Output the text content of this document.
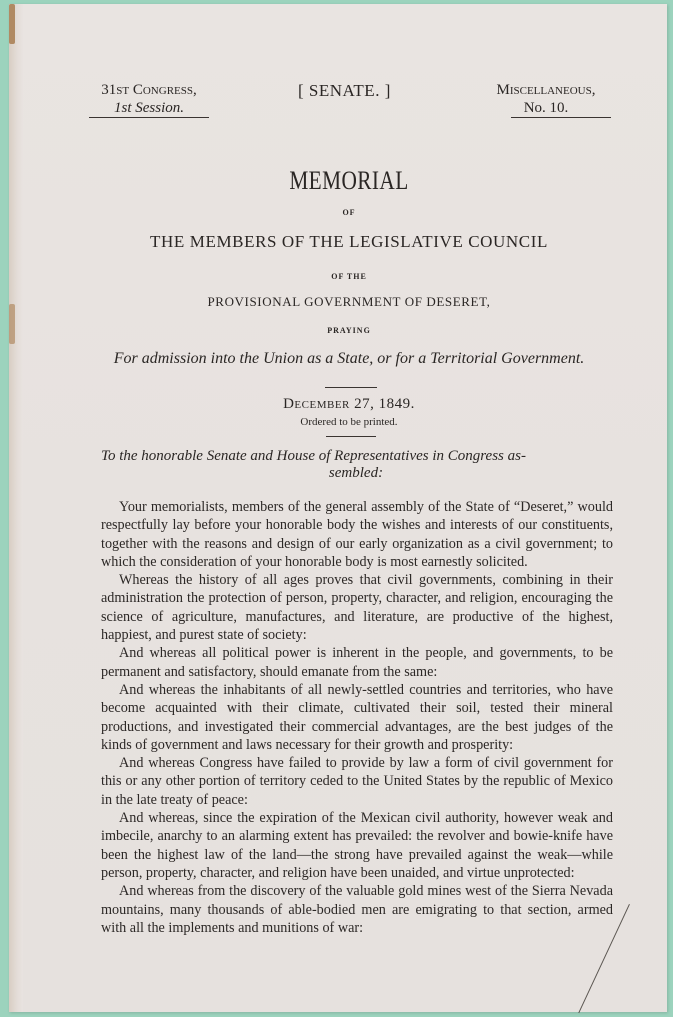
31st Congress,
1st Session.
[ SENATE. ]	Miscellaneous,
No. 10.
MEMORIAL
OF
THE MEMBERS OF THE LEGISLATIVE COUNCIL
OF THE
PROVISIONAL GOVERNMENT OF DESERET,
PRAYING
For admission into the Union as a State, or for a Territorial Government.
December 27, 1849.
Ordered to be printed.
To the honorable Senate and House of Representatives in Congress as-
sembled:

Your memorialists, members of the general assembly of the State of “Deseret,” would respectfully lay before your honorable body the wishes and interests of our constituents, together with the reasons and design of our early organization as a civil government; to which the consideration of your honorable body is most earnestly solicited.

Whereas the history of all ages proves that civil governments, combining in their administration the protection of person, property, character, and religion, encouraging the science of agriculture, manufactures, and literature, are productive of the highest, happiest, and purest state of society:

And whereas all political power is inherent in the people, and governments, to be permanent and satisfactory, should emanate from the same:

And whereas the inhabitants of all newly-settled countries and territories, who have become acquainted with their climate, cultivated their soil, tested their mineral productions, and investigated their commercial advantages, are the best judges of the kinds of government and laws necessary for their growth and prosperity:

And whereas Congress have failed to provide by law a form of civil government for this or any other portion of territory ceded to the United States by the republic of Mexico in the late treaty of peace:

And whereas, since the expiration of the Mexican civil authority, however weak and imbecile, anarchy to an alarming extent has prevailed: the revolver and bowie-knife have been the highest law of the land—the strong have prevailed against the weak—while person, property, character, and religion have been unaided, and virtue unprotected:

And whereas from the discovery of the valuable gold mines west of the Sierra Nevada mountains, many thousands of able-bodied men are emigrating to that section, armed with all the implements and munitions of war:
